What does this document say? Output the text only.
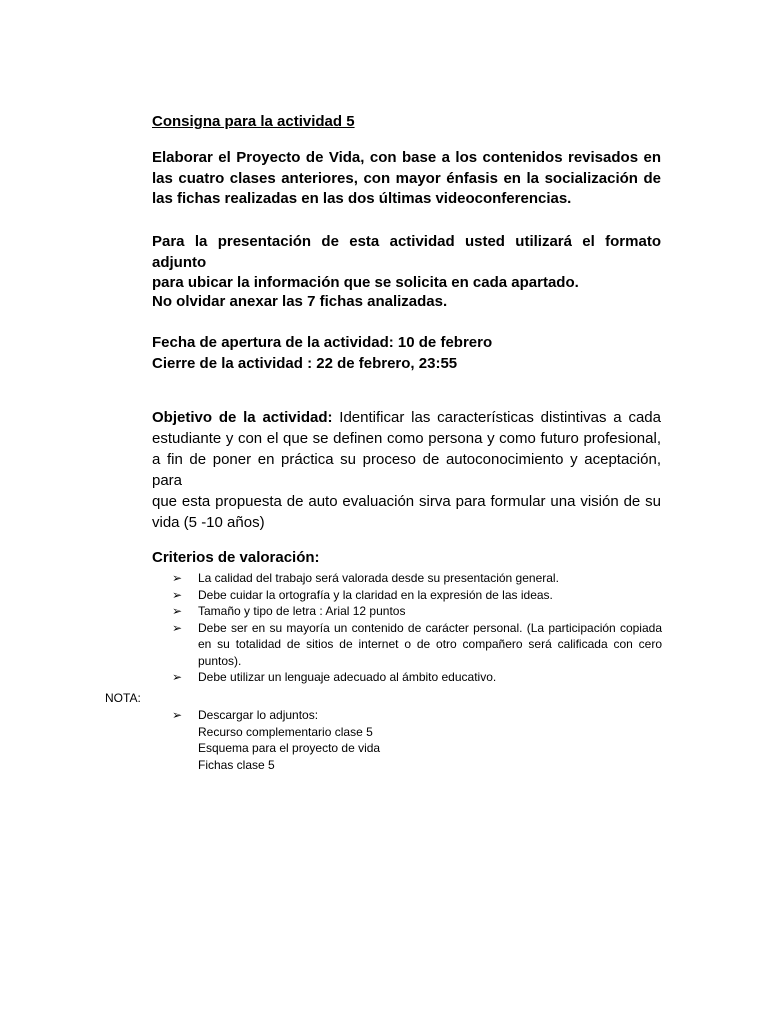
Consigna para la actividad 5

Elaborar el Proyecto de Vida, con base a los contenidos revisados en
las cuatro clases anteriores, con mayor énfasis en la socialización de
las fichas realizadas en las dos últimas videoconferencias.
Para la presentación de esta actividad usted utilizará el formato adjunto
para ubicar la información que se solicita en cada apartado.

No olvidar anexar las 7 fichas analizadas.

Fecha de apertura de la actividad: 10 de febrero

Cierre de la actividad : 22 de febrero, 23:55

Objetivo de la actividad: Identificar las características distintivas a cada
estudiante y con el que se definen como persona y como futuro profesional,
a fin de poner en práctica su proceso de autoconocimiento y aceptación, para
que esta propuesta de auto evaluación sirva para formular una visión de su
vida (5 -10 años)

Criterios de valoración:

➢	La calidad del trabajo será valorada desde su presentación general.
➢	Debe cuidar la ortografía y la claridad en la expresión de las ideas.
➢	Tamaño y tipo de letra : Arial 12 puntos
➢	Debe ser en su mayoría un contenido de carácter personal. (La participación copiada
en su totalidad de sitios de internet o de otro compañero será calificada con cero
puntos).
➢	Debe utilizar un lenguaje adecuado al ámbito educativo.

NOTA:

➢	Descargar lo adjuntos:
Recurso complementario clase 5
Esquema para el proyecto de vida
Fichas clase 5
